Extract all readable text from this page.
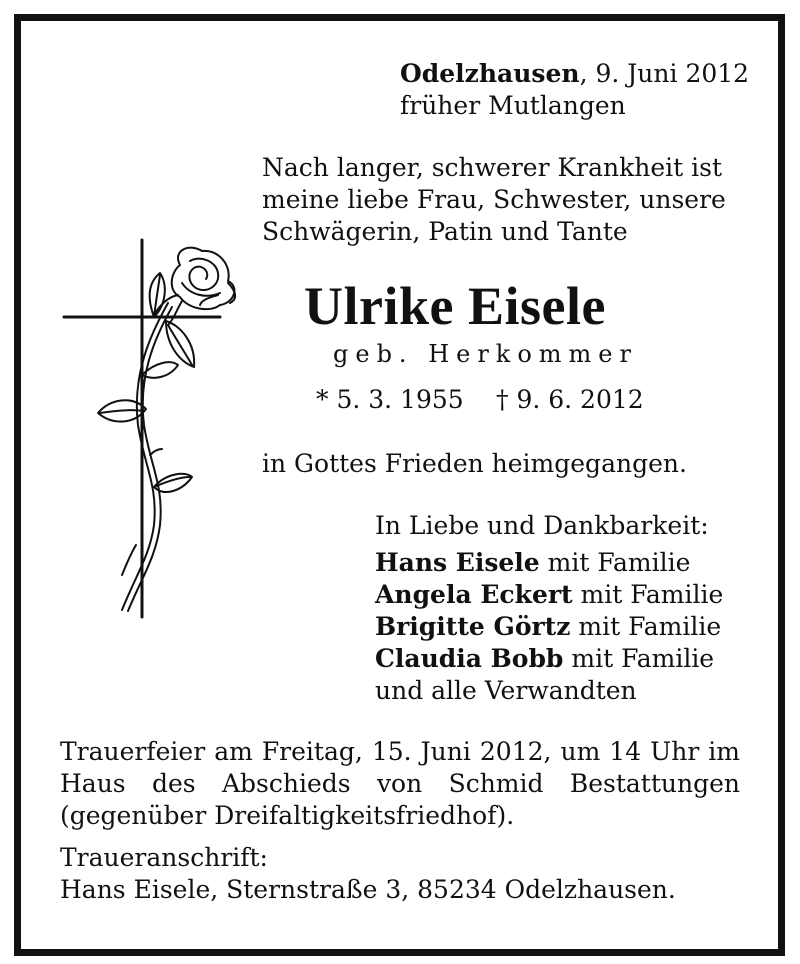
Odelzhausen, 9. Juni 2012
früher Mutlangen
Nach langer, schwerer Krankheit ist
meine liebe Frau, Schwester, unsere
Schwägerin, Patin und Tante
Ulrike Eisele
geb. Herkommer
* 5. 3. 1955 † 9. 6. 2012
in Gottes Frieden heimgegangen.
In Liebe und Dankbarkeit:
Hans Eisele mit Familie
Angela Eckert mit Familie
Brigitte Görtz mit Familie
Claudia Bobb mit Familie
und alle Verwandten
Trauerfeier am Freitag, 15. Juni 2012, um 14 Uhr im Haus des Abschieds von Schmid Bestattungen (gegenüber Dreifaltigkeitsfriedhof).
Traueranschrift:
Hans Eisele, Sternstraße 3, 85234 Odelzhausen.
